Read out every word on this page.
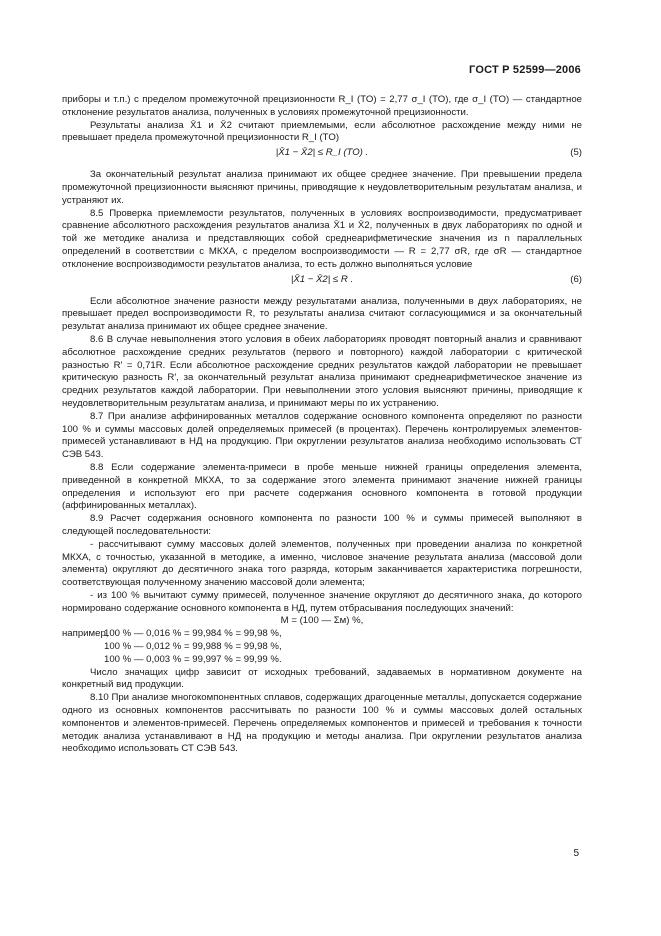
ГОСТ Р 52599—2006

приборы и т.п.) с пределом промежуточной прецизионности R_I (TO) = 2,77 σ_I (TO), где σ_I (TO) — стандартное отклонение результатов анализа, полученных в условиях промежуточной прецизионности.

Результаты анализа X̄1 и X̄2 считают приемлемыми, если абсолютное расхождение между ними не превышает предела промежуточной прецизионности R_I (TO)

|X̄1 − X̄2| ≤ R_I (TO) .	(5)

За окончательный результат анализа принимают их общее среднее значение. При превышении предела промежуточной прецизионности выясняют причины, приводящие к неудовлетворительным результатам анализа, и устраняют их.

8.5 Проверка приемлемости результатов, полученных в условиях воспроизводимости, предусматривает сравнение абсолютного расхождения результатов анализа X̄1 и X̄2, полученных в двух лабораториях по одной и той же методике анализа и представляющих собой среднеарифметические значения из n параллельных определений в соответствии с МКХА, с пределом воспроизводимости — R = 2,77 σR, где σR — стандартное отклонение воспроизводимости результатов анализа, то есть должно выполняться условие

|X̄1 − X̄2| ≤ R .	(6)

Если абсолютное значение разности между результатами анализа, полученными в двух лабораториях, не превышает предел воспроизводимости R, то результаты анализа считают согласующимися и за окончательный результат анализа принимают их общее среднее значение.

8.6 В случае невыполнения этого условия в обеих лабораториях проводят повторный анализ и сравнивают абсолютное расхождение средних результатов (первого и повторного) каждой лаборатории с критической разностью R′ = 0,71R. Если абсолютное расхождение средних результатов каждой лаборатории не превышает критическую разность R′, за окончательный результат анализа принимают среднеарифметическое значение из средних результатов каждой лаборатории. При невыполнении этого условия выясняют причины, приводящие к неудовлетворительным результатам анализа, и принимают меры по их устранению.

8.7 При анализе аффинированных металлов содержание основного компонента определяют по разности 100 % и суммы массовых долей определяемых примесей (в процентах). Перечень контролируемых элементов-примесей устанавливают в НД на продукцию. При округлении результатов анализа необходимо использовать СТ СЭВ 543.

8.8 Если содержание элемента-примеси в пробе меньше нижней границы определения элемента, приведенной в конкретной МКХА, то за содержание этого элемента принимают значение нижней границы определения и используют его при расчете содержания основного компонента в готовой продукции (аффинированных металлах).

8.9 Расчет содержания основного компонента по разности 100 % и суммы примесей выполняют в следующей последовательности:

- рассчитывают сумму массовых долей элементов, полученных при проведении анализа по конкретной МКХА, с точностью, указанной в методике, а именно, числовое значение результата анализа (массовой доли элемента) округляют до десятичного знака того разряда, которым заканчивается характеристика погрешности, соответствующая полученному значению массовой доли элемента;

- из 100 % вычитают сумму примесей, полученное значение округляют до десятичного знака, до которого нормировано содержание основного компонента в НД, путем отбрасывания последующих значений:

М = (100 — Σм) %,

например,
100 % — 0,016 % = 99,984 % = 99,98 %,
100 % — 0,012 % = 99,988 % = 99,98 %,
100 % — 0,003 % = 99,997 % = 99,99 %.

Число значащих цифр зависит от исходных требований, задаваемых в нормативном документе на конкретный вид продукции.

8.10 При анализе многокомпонентных сплавов, содержащих драгоценные металлы, допускается содержание одного из основных компонентов рассчитывать по разности 100 % и суммы массовых долей остальных компонентов и элементов-примесей. Перечень определяемых компонентов и примесей и требования к точности методик анализа устанавливают в НД на продукцию и методы анализа. При округлении результатов анализа необходимо использовать СТ СЭВ 543.

5
